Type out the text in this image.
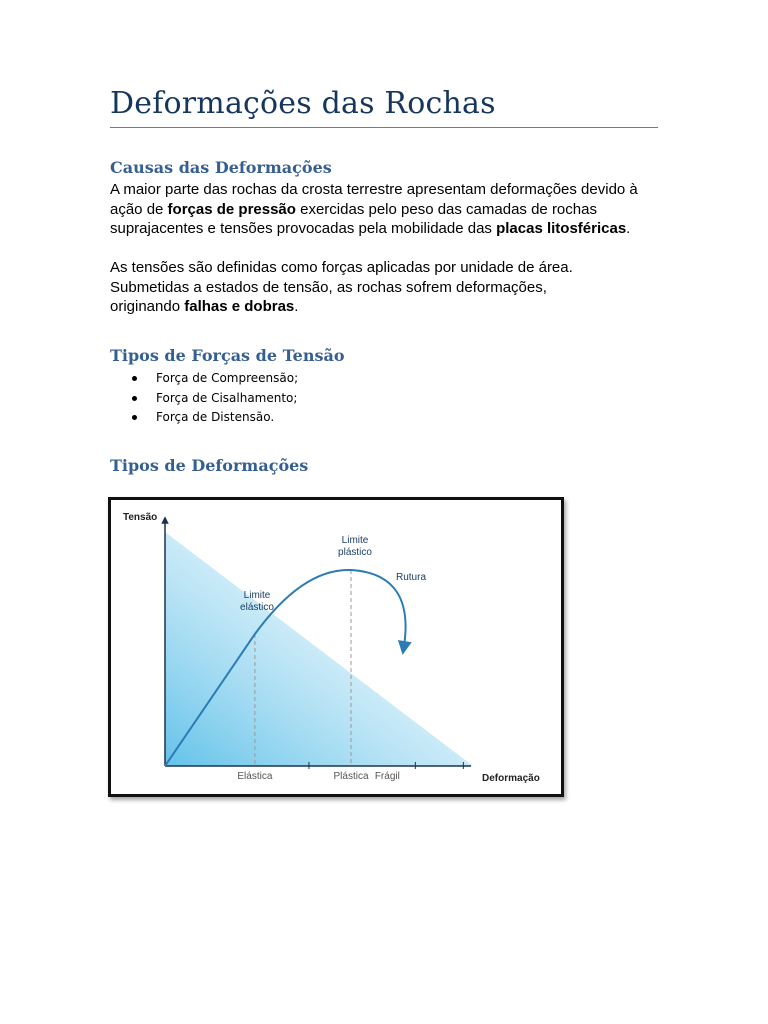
Deformações das Rochas
Causas das Deformações

A maior parte das rochas da crosta terrestre apresentam deformações devido à ação de forças de pressão exercidas pelo peso das camadas de rochas suprajacentes e tensões provocadas pela mobilidade das placas litosféricas.

As tensões são definidas como forças aplicadas por unidade de área. Submetidas a estados de tensão, as rochas sofrem deformações, originando falhas e dobras.

Tipos de Forças de Tensão
Força de Compreensão;
Força de Cisalhamento;
Força de Distensão.
Tipos de Deformações
Tensão
Deformação
Elástica	Plástica Frágil
Limite
elástico
Limite
plástico
Rutura
